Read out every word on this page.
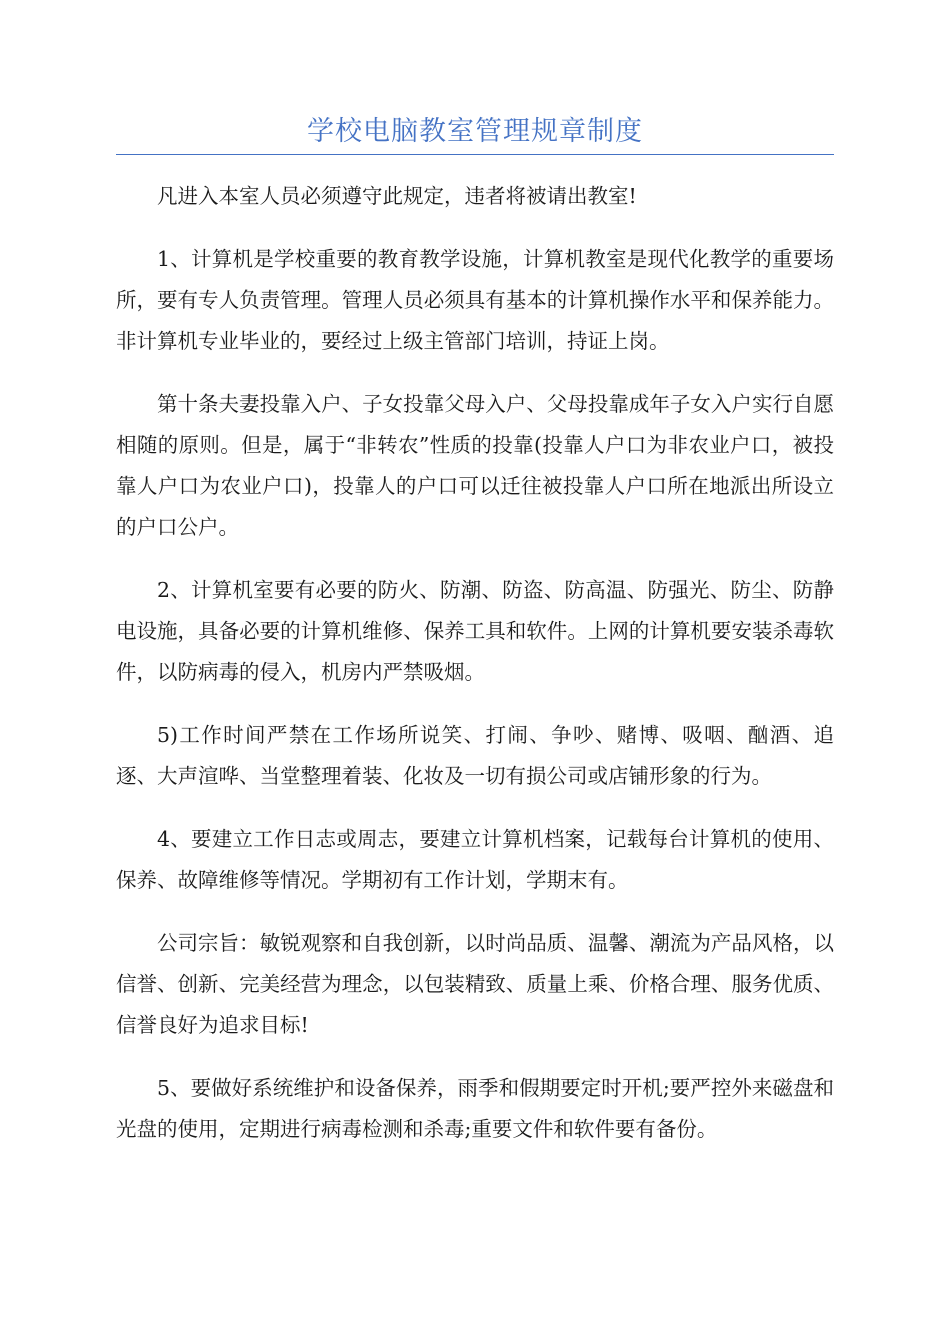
学校电脑教室管理规章制度

凡进入本室人员必须遵守此规定，违者将被请出教室!

1、计算机是学校重要的教育教学设施，计算机教室是现代化教学的重要场所，要有专人负责管理。管理人员必须具有基本的计算机操作水平和保养能力。非计算机专业毕业的，要经过上级主管部门培训，持证上岗。

第十条夫妻投靠入户、子女投靠父母入户、父母投靠成年子女入户实行自愿相随的原则。但是，属于“非转农”性质的投靠(投靠人户口为非农业户口，被投靠人户口为农业户口)，投靠人的户口可以迁往被投靠人户口所在地派出所设立的户口公户。

2、计算机室要有必要的防火、防潮、防盗、防高温、防强光、防尘、防静电设施，具备必要的计算机维修、保养工具和软件。上网的计算机要安装杀毒软件，以防病毒的侵入，机房内严禁吸烟。

5)工作时间严禁在工作场所说笑、打闹、争吵、赌博、吸咽、酗酒、追逐、大声渲哗、当堂整理着装、化妆及一切有损公司或店铺形象的行为。

4、要建立工作日志或周志，要建立计算机档案，记载每台计算机的使用、保养、故障维修等情况。学期初有工作计划，学期末有。

公司宗旨：敏锐观察和自我创新，以时尚品质、温馨、潮流为产品风格，以信誉、创新、完美经营为理念，以包装精致、质量上乘、价格合理、服务优质、信誉良好为追求目标!

5、要做好系统维护和设备保养，雨季和假期要定时开机;要严控外来磁盘和光盘的使用，定期进行病毒检测和杀毒;重要文件和软件要有备份。
